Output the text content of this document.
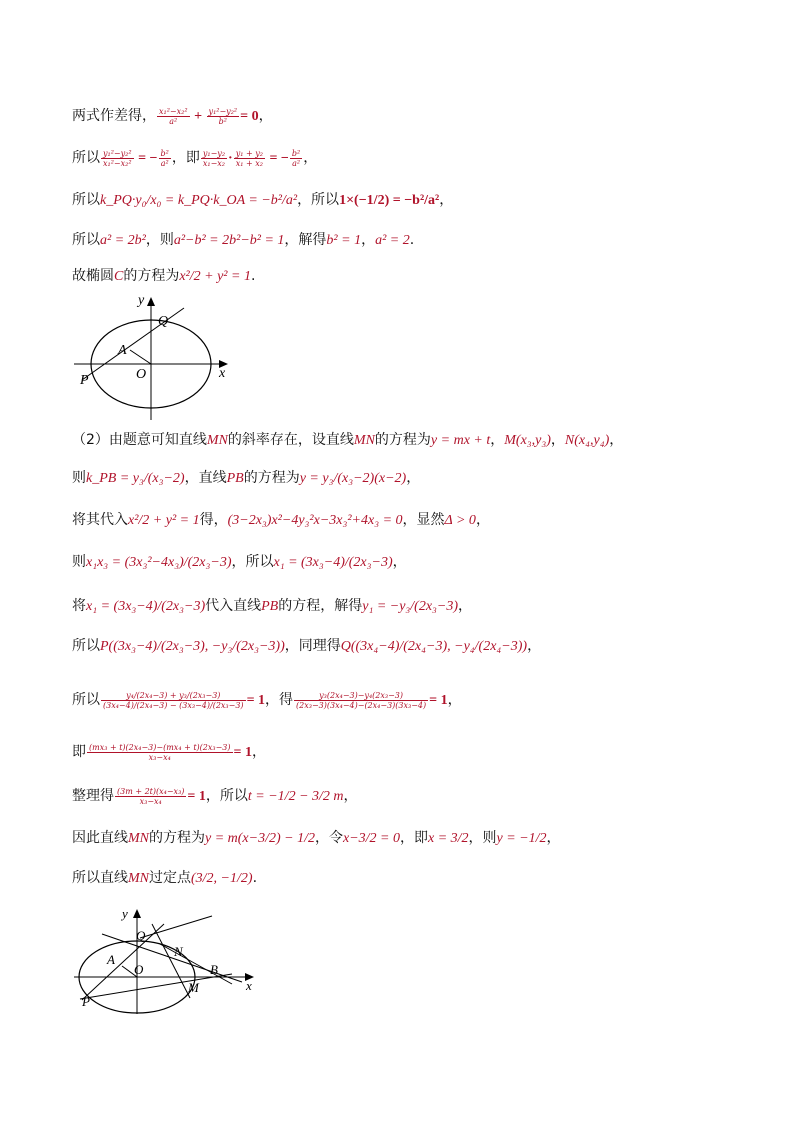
两式作差得， $\frac{\text{x₁²−x₂²}}{\text{a²}} + \frac{\text{y₁²−y₂²}}{\text{b²}} = 0$，
所以 $\frac{\text{y₁²−y₂²}}{\text{x₁²−x₂²}}$ = − $\frac{\text{b²}}{\text{a²}}$ ，即 $\frac{\text{y₁−y₂}}{\text{x₁−x₂}} \cdot \frac{\text{y₁ + y₂}}{\text{x₁ + x₂}}$ = − $\frac{\text{b²}}{\text{a²}}$ ，
所以k_PQ·y₀/x₀ = k_PQ·k_OA = −b²/a²，所以1×(−1/2) = −b²/a²，
所以a² = 2b²，则a²−b² = 2b²−b² = 1，解得b² = 1，a² = 2.
故椭圆C的方程为x²/2 + y² = 1.
y
x
Q
A
O
P
（2）由题意可知直线MN的斜率存在，设直线MN的方程为y = mx + t，M(x₃,y₃)，N(x₄,y₄)，
则k_PB = y₃/(x₃−2)，直线PB的方程为y = y₃/(x₃−2)(x−2)，
将其代入x²/2 + y² = 1得，(3−2x₃)x²−4y₃²x−3x₃²+4x₃ = 0，显然Δ > 0，
则x₁x₃ = (3x₃²−4x₃)/(2x₃−3)，所以x₁ = (3x₃−4)/(2x₃−3)，
将x₁ = (3x₃−4)/(2x₃−3)代入直线PB的方程，解得y₁ = −y₃/(2x₃−3)，
所以P((3x₃−4)/(2x₃−3), −y₃/(2x₃−3))，同理得Q((3x₄−4)/(2x₄−3), −y₄/(2x₄−3))，
所以 $\frac{\text{y₄/(2x₄−3) + y₃/(2x₃−3)}}{\text{(3x₄−4)/(2x₄−3) − (3x₃−4)/(2x₃−3)}} = 1$，得 $\frac{\text{y₃(2x₄−3)−y₄(2x₃−3)}}{\text{(2x₃−3)(3x₄−4)−(2x₄−3)(3x₃−4)}} = 1$，
即 $\frac{\text{(mx₃ + t)(2x₄−3)−(mx₄ + t)(2x₃−3)}}{\text{x₃−x₄}} = 1$，
整理得 $\frac{\text{(3m + 2t)(x₄−x₃)}}{\text{x₃−x₄}} = 1$，所以t = −1/2 − 3/2 m，
因此直线MN的方程为y = m(x−3/2) − 1/2，令x−3/2 = 0，即x = 3/2，则y = −1/2，
所以直线MN过定点(3/2, −1/2).
y
x
Q
A
O
P
N
B
M
